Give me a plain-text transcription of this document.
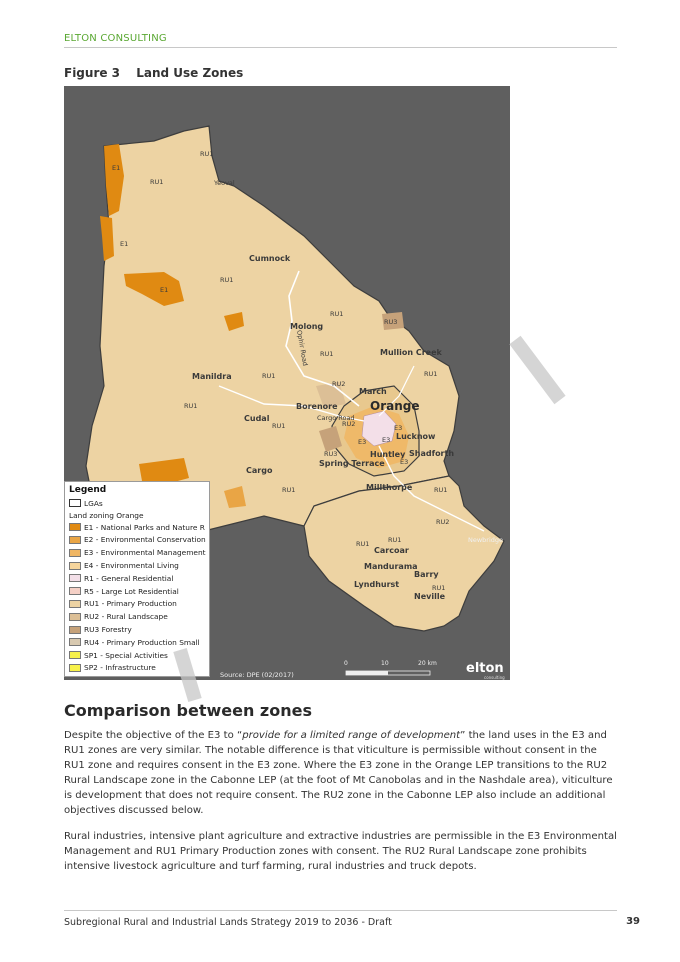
ELTON CONSULTING
Figure 3 Land Use Zones
Cumnock
Molong
Manildra
Cudal
Cargo
Borenore	Orange
Mullion Creek
March
Lucknow
Shadforth
Huntley
Spring Terrace
Millthorpe
Carcoar
Mandurama
Barry
Lyndhurst
Neville
Newbridge
Yeoval
Cargo Road
Ophir Road
E1
E1
E1
RU1
RU1
RU1
RU1
RU1
RU1
RU1
RU1
RU1
RU1	RU1
RU1	RU1
RU1
RU2
RU2
RU2
RU3
RU3
E3 E3
E3
E3
Legend
LGAs
Land zoning Orange
E1 - National Parks and Nature R
E2 - Environmental Conservation
E3 - Environmental Management
E4 - Environmental Living
R1 - General Residential
R5 - Large Lot Residential
RU1 - Primary Production
RU2 - Rural Landscape
RU3 Forestry
RU4 - Primary Production Small
SP1 - Special Activities
SP2 - Infrastructure
Source: DPE (02/2017)
0	10	20 km elton
consulting
Comparison between zones

Despite the objective of the E3 to “provide for a limited range of development” the land uses in the E3 and RU1 zones are very similar. The notable difference is that viticulture is permissible without consent in the RU1 zone and requires consent in the E3 zone. Where the E3 zone in the Orange LEP transitions to the RU2 Rural Landscape zone in the Cabonne LEP (at the foot of Mt Canobolas and in the Nashdale area), viticulture is development that does not require consent. The RU2 zone in the Cabonne LEP also include an additional objectives discussed below.

Rural industries, intensive plant agriculture and extractive industries are permissible in the E3 Environmental Management and RU1 Primary Production zones with consent. The RU2 Rural Landscape zone prohibits intensive livestock agriculture and turf farming, rural industries and truck depots.

Subregional Rural and Industrial Lands Strategy 2019 to 2036 - Draft	39
